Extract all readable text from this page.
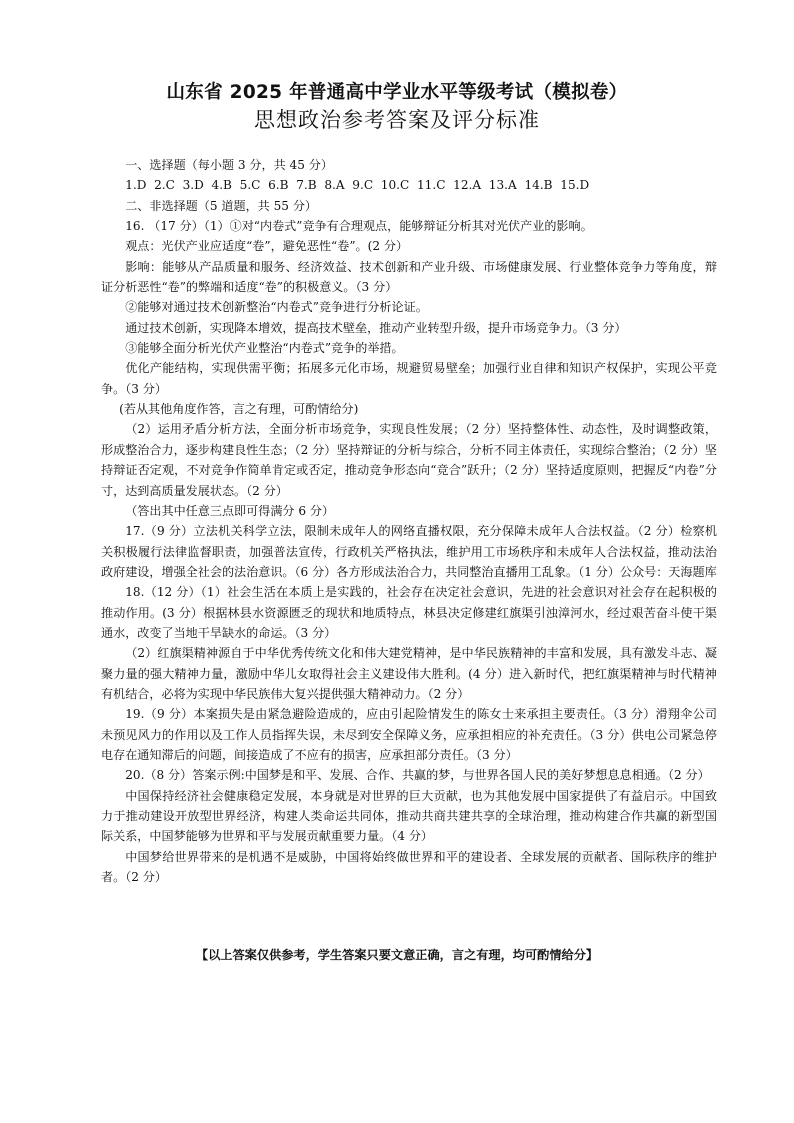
山东省 2025 年普通高中学业水平等级考试（模拟卷）
思想政治参考答案及评分标准

一、选择题（每小题 3 分，共 45 分）

1.D  2.C  3.D  4.B  5.C  6.B  7.B  8.A  9.C  10.C  11.C  12.A  13.A  14.B  15.D

二、非选择题（5 道题，共 55 分）

16. （17 分）（1）①对“内卷式”竞争有合理观点，能够辩证分析其对光伏产业的影响。

观点：光伏产业应适度“卷”，避免恶性“卷”。(2 分）

影响：能够从产品质量和服务、经济效益、技术创新和产业升级、市场健康发展、行业整体竞争力等角度，辩证分析恶性“卷”的弊端和适度“卷”的积极意义。（3 分）

②能够对通过技术创新整治“内卷式”竞争进行分析论证。

通过技术创新，实现降本增效，提高技术壁垒，推动产业转型升级，提升市场竞争力。（3 分）

③能够全面分析光伏产业整治“内卷式”竞争的举措。

优化产能结构，实现供需平衡；拓展多元化市场，规避贸易壁垒；加强行业自律和知识产权保护，实现公平竞争。（3 分）

(若从其他角度作答，言之有理，可酌情给分)

（2）运用矛盾分析方法，全面分析市场竞争，实现良性发展；（2 分）坚持整体性、动态性，及时调整政策，形成整治合力，逐步构建良性生态；（2 分）坚持辩证的分析与综合，分析不同主体责任，实现综合整治；（2 分）坚持辩证否定观，不对竞争作简单肯定或否定，推动竞争形态向“竞合”跃升；（2 分）坚持适度原则，把握反“内卷”分寸，达到高质量发展状态。（2 分）

（答出其中任意三点即可得满分 6 分）

17.（9 分）立法机关科学立法，限制未成年人的网络直播权限，充分保障未成年人合法权益。（2 分）检察机关积极履行法律监督职责，加强普法宣传，行政机关严格执法，维护用工市场秩序和未成年人合法权益，推动法治政府建设，增强全社会的法治意识。（6 分）各方形成法治合力，共同整治直播用工乱象。（1 分）公众号：天海题库

18.（12 分）（1）社会生活在本质上是实践的，社会存在决定社会意识，先进的社会意识对社会存在起积极的推动作用。(3 分）根据林县水资源匮乏的现状和地质特点，林县决定修建红旗渠引浊漳河水，经过艰苦奋斗使干渠通水，改变了当地干旱缺水的命运。（3 分）

（2）红旗渠精神源自于中华优秀传统文化和伟大建党精神，是中华民族精神的丰富和发展，具有激发斗志、凝聚力量的强大精神力量，激励中华儿女取得社会主义建设伟大胜利。(4 分）进入新时代，把红旗渠精神与时代精神有机结合，必将为实现中华民族伟大复兴提供强大精神动力。（2 分）

19.（9 分）本案损失是由紧急避险造成的，应由引起险情发生的陈女士来承担主要责任。（3 分）滑翔伞公司未预见风力的作用以及工作人员指挥失误，未尽到安全保障义务，应承担相应的补充责任。（3 分）供电公司紧急停电存在通知滞后的问题，间接造成了不应有的损害，应承担部分责任。（3 分）

20.（8 分）答案示例:中国梦是和平、发展、合作、共赢的梦，与世界各国人民的美好梦想息息相通。（2 分）

中国保持经济社会健康稳定发展，本身就是对世界的巨大贡献，也为其他发展中国家提供了有益启示。中国致力于推动建设开放型世界经济，构建人类命运共同体，推动共商共建共享的全球治理，推动构建合作共赢的新型国际关系，中国梦能够为世界和平与发展贡献重要力量。（4 分）

中国梦给世界带来的是机遇不是威胁，中国将始终做世界和平的建设者、全球发展的贡献者、国际秩序的维护者。（2 分）

【以上答案仅供参考，学生答案只要文意正确，言之有理，均可酌情给分】
